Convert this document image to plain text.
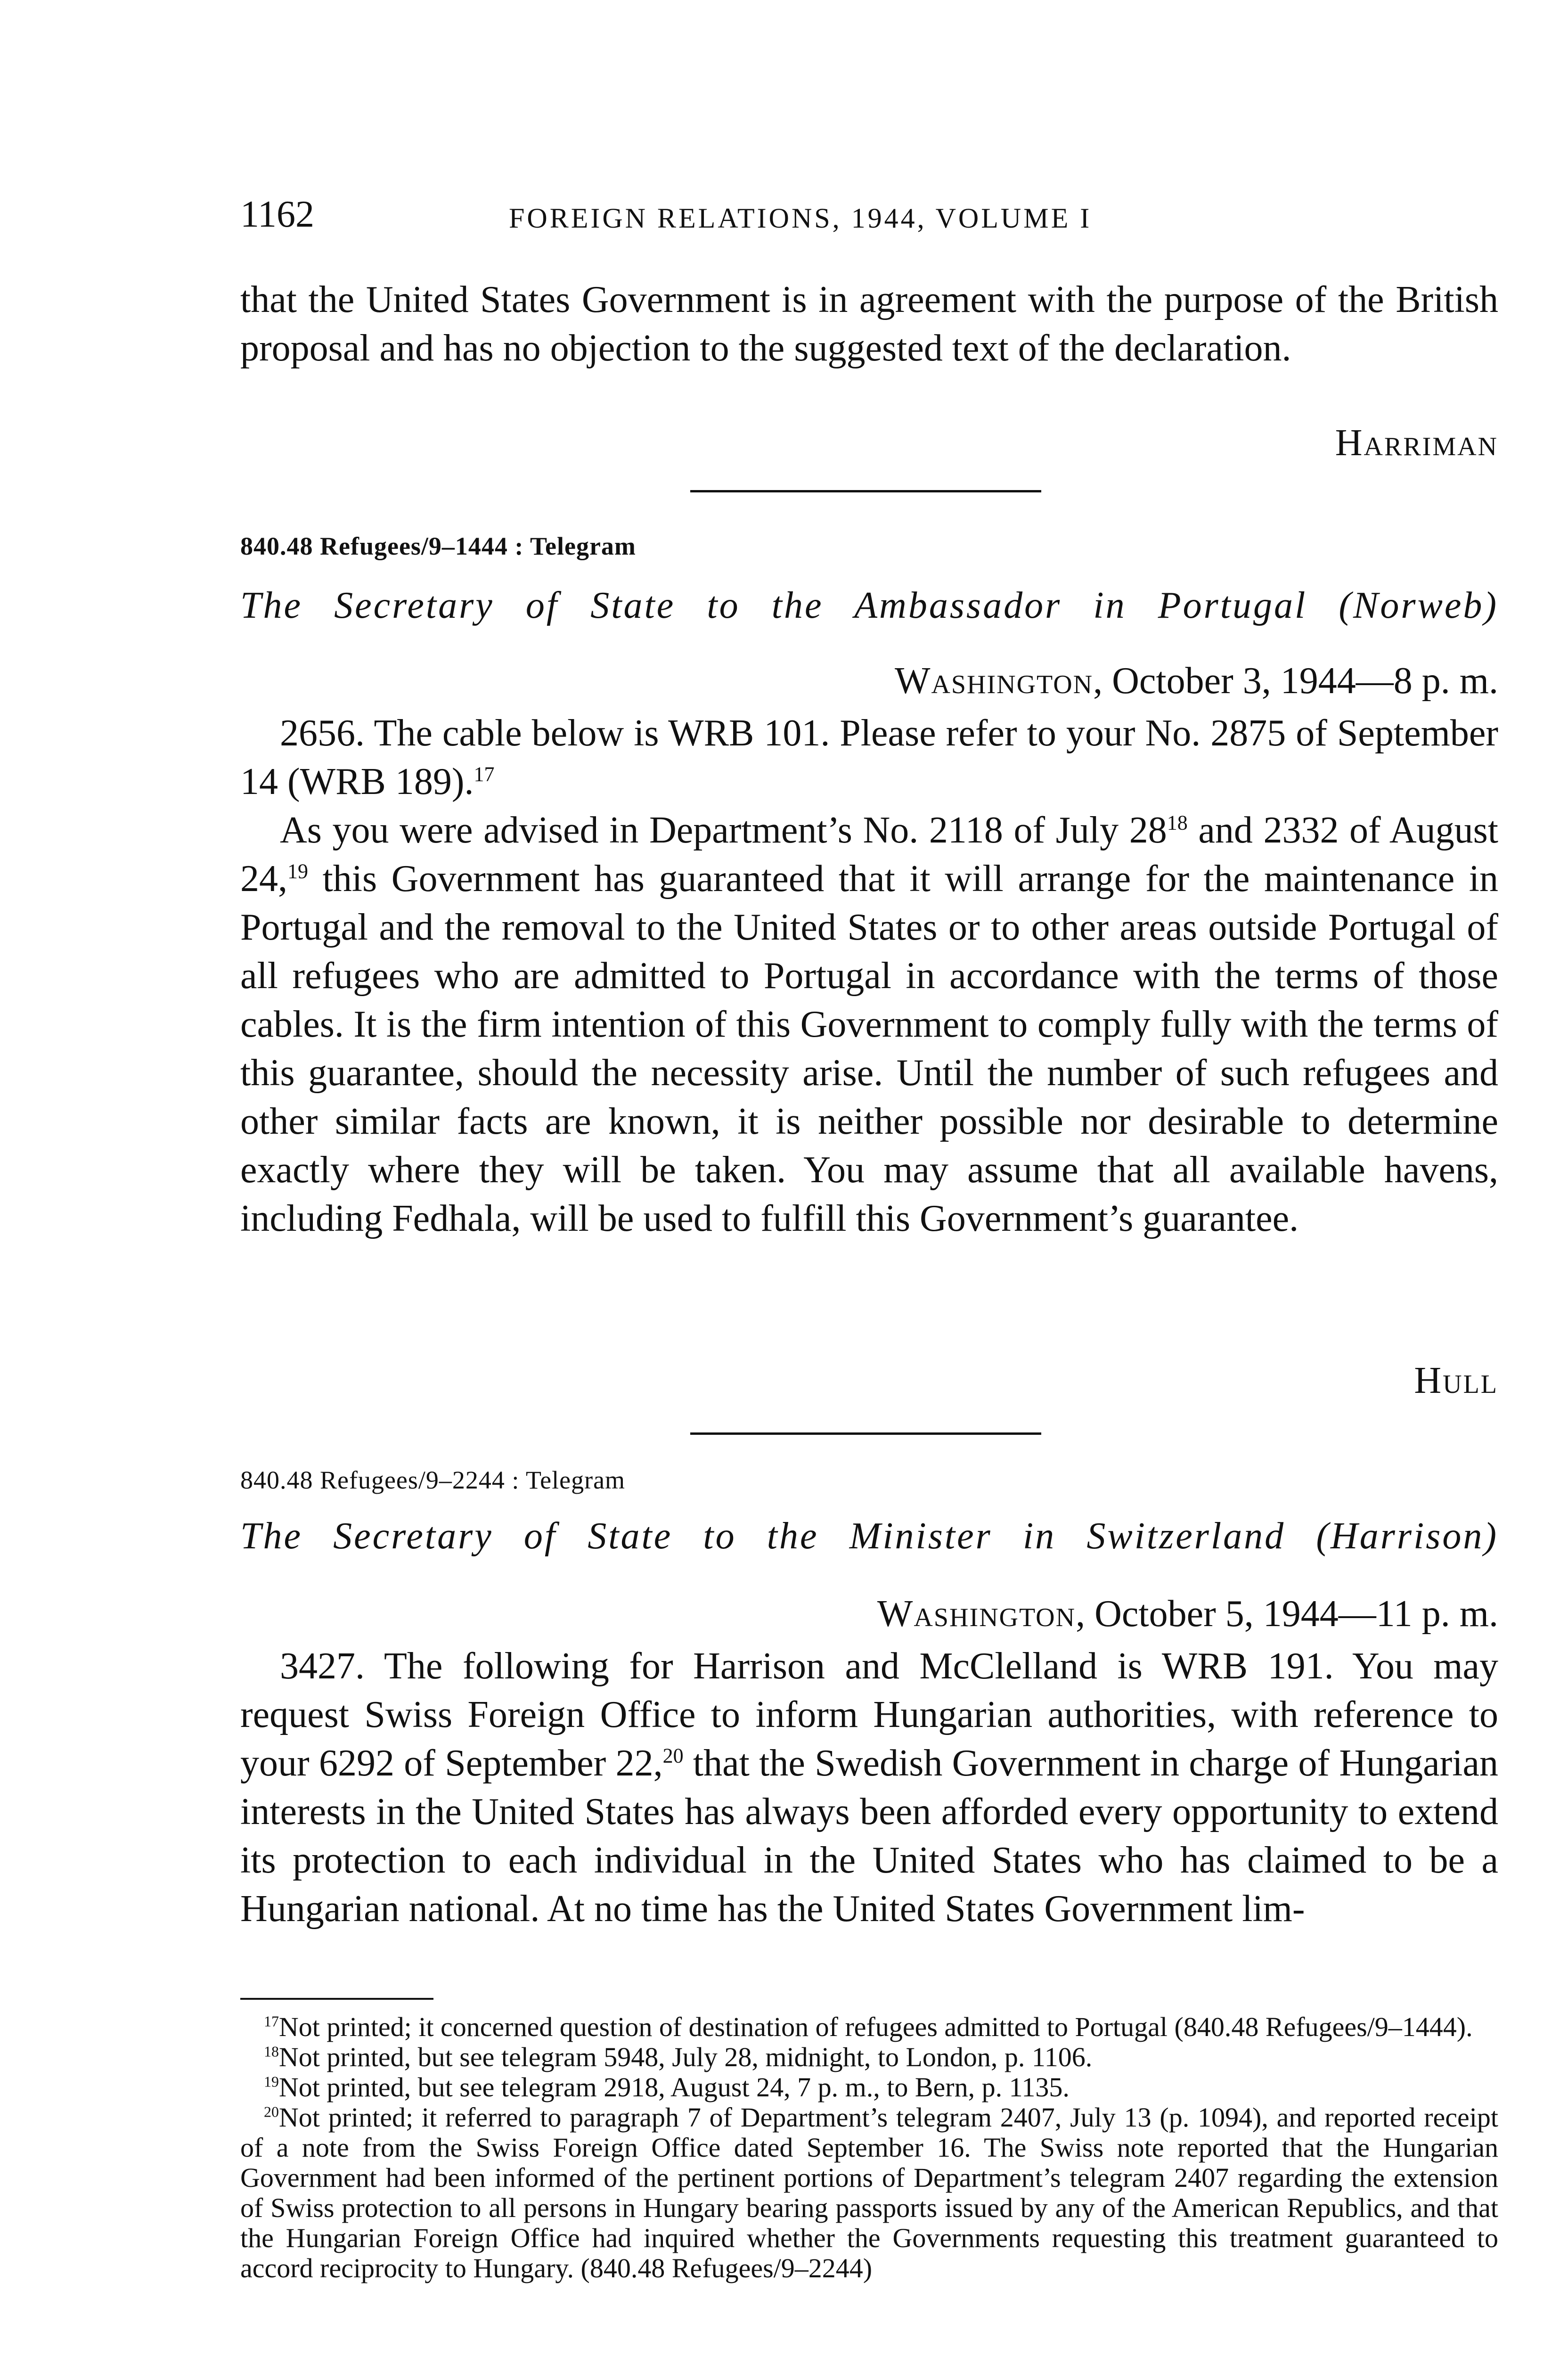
1162	FOREIGN RELATIONS, 1944, VOLUME I
that the United States Government is in agreement with the purpose of the British proposal and has no objection to the suggested text of the declaration.
Harriman
840.48 Refugees/9–1444 : Telegram
The Secretary of State to the Ambassador in Portugal (Norweb)
Washington, October 3, 1944—8 p. m.
2656. The cable below is WRB 101. Please refer to your No. 2875 of September 14 (WRB 189).$^{17}$
As you were advised in Department’s No. 2118 of July $28^{18}$ and 2332 of August 24,19 this Government has guaranteed that it will arrange for the maintenance in Portugal and the removal to the United States or to other areas outside Portugal of all refugees who are admitted to Portugal in accordance with the terms of those cables. It is the firm intention of this Government to comply fully with the terms of this guarantee, should the necessity arise. Until the number of such refugees and other similar facts are known, it is neither possible nor desirable to determine exactly where they will be taken. You may assume that all available havens, including Fedhala, will be used to fulfill this Government’s guarantee.
Hull
840.48 Refugees/9–2244 : Telegram
The Secretary of State to the Minister in Switzerland (Harrison)
Washington, October 5, 1944—11 p. m.
3427. The following for Harrison and McClelland is WRB 191. You may request Swiss Foreign Office to inform Hungarian authorities, with reference to your 6292 of September 22,20 that the Swedish Government in charge of Hungarian interests in the United States has always been afforded every opportunity to extend its protection to each individual in the United States who has claimed to be a Hungarian national. At no time has the United States Government lim-

$^{17}$Not printed; it concerned question of destination of refugees admitted to Portugal (840.48 Refugees/9–1444).

$^{18}$Not printed, but see telegram 5948, July 28, midnight, to London, p. 1106.

$^{19}$Not printed, but see telegram 2918, August 24, 7 p. m., to Bern, p. 1135.

$^{20}$Not printed; it referred to paragraph 7 of Department’s telegram 2407, July 13 (p. 1094), and reported receipt of a note from the Swiss Foreign Office dated September 16. The Swiss note reported that the Hungarian Government had been informed of the pertinent portions of Department’s telegram 2407 regarding the extension of Swiss protection to all persons in Hungary bearing passports issued by any of the American Republics, and that the Hungarian Foreign Office had inquired whether the Governments requesting this treatment guaranteed to accord reciprocity to Hungary. (840.48 Refugees/9–2244)
